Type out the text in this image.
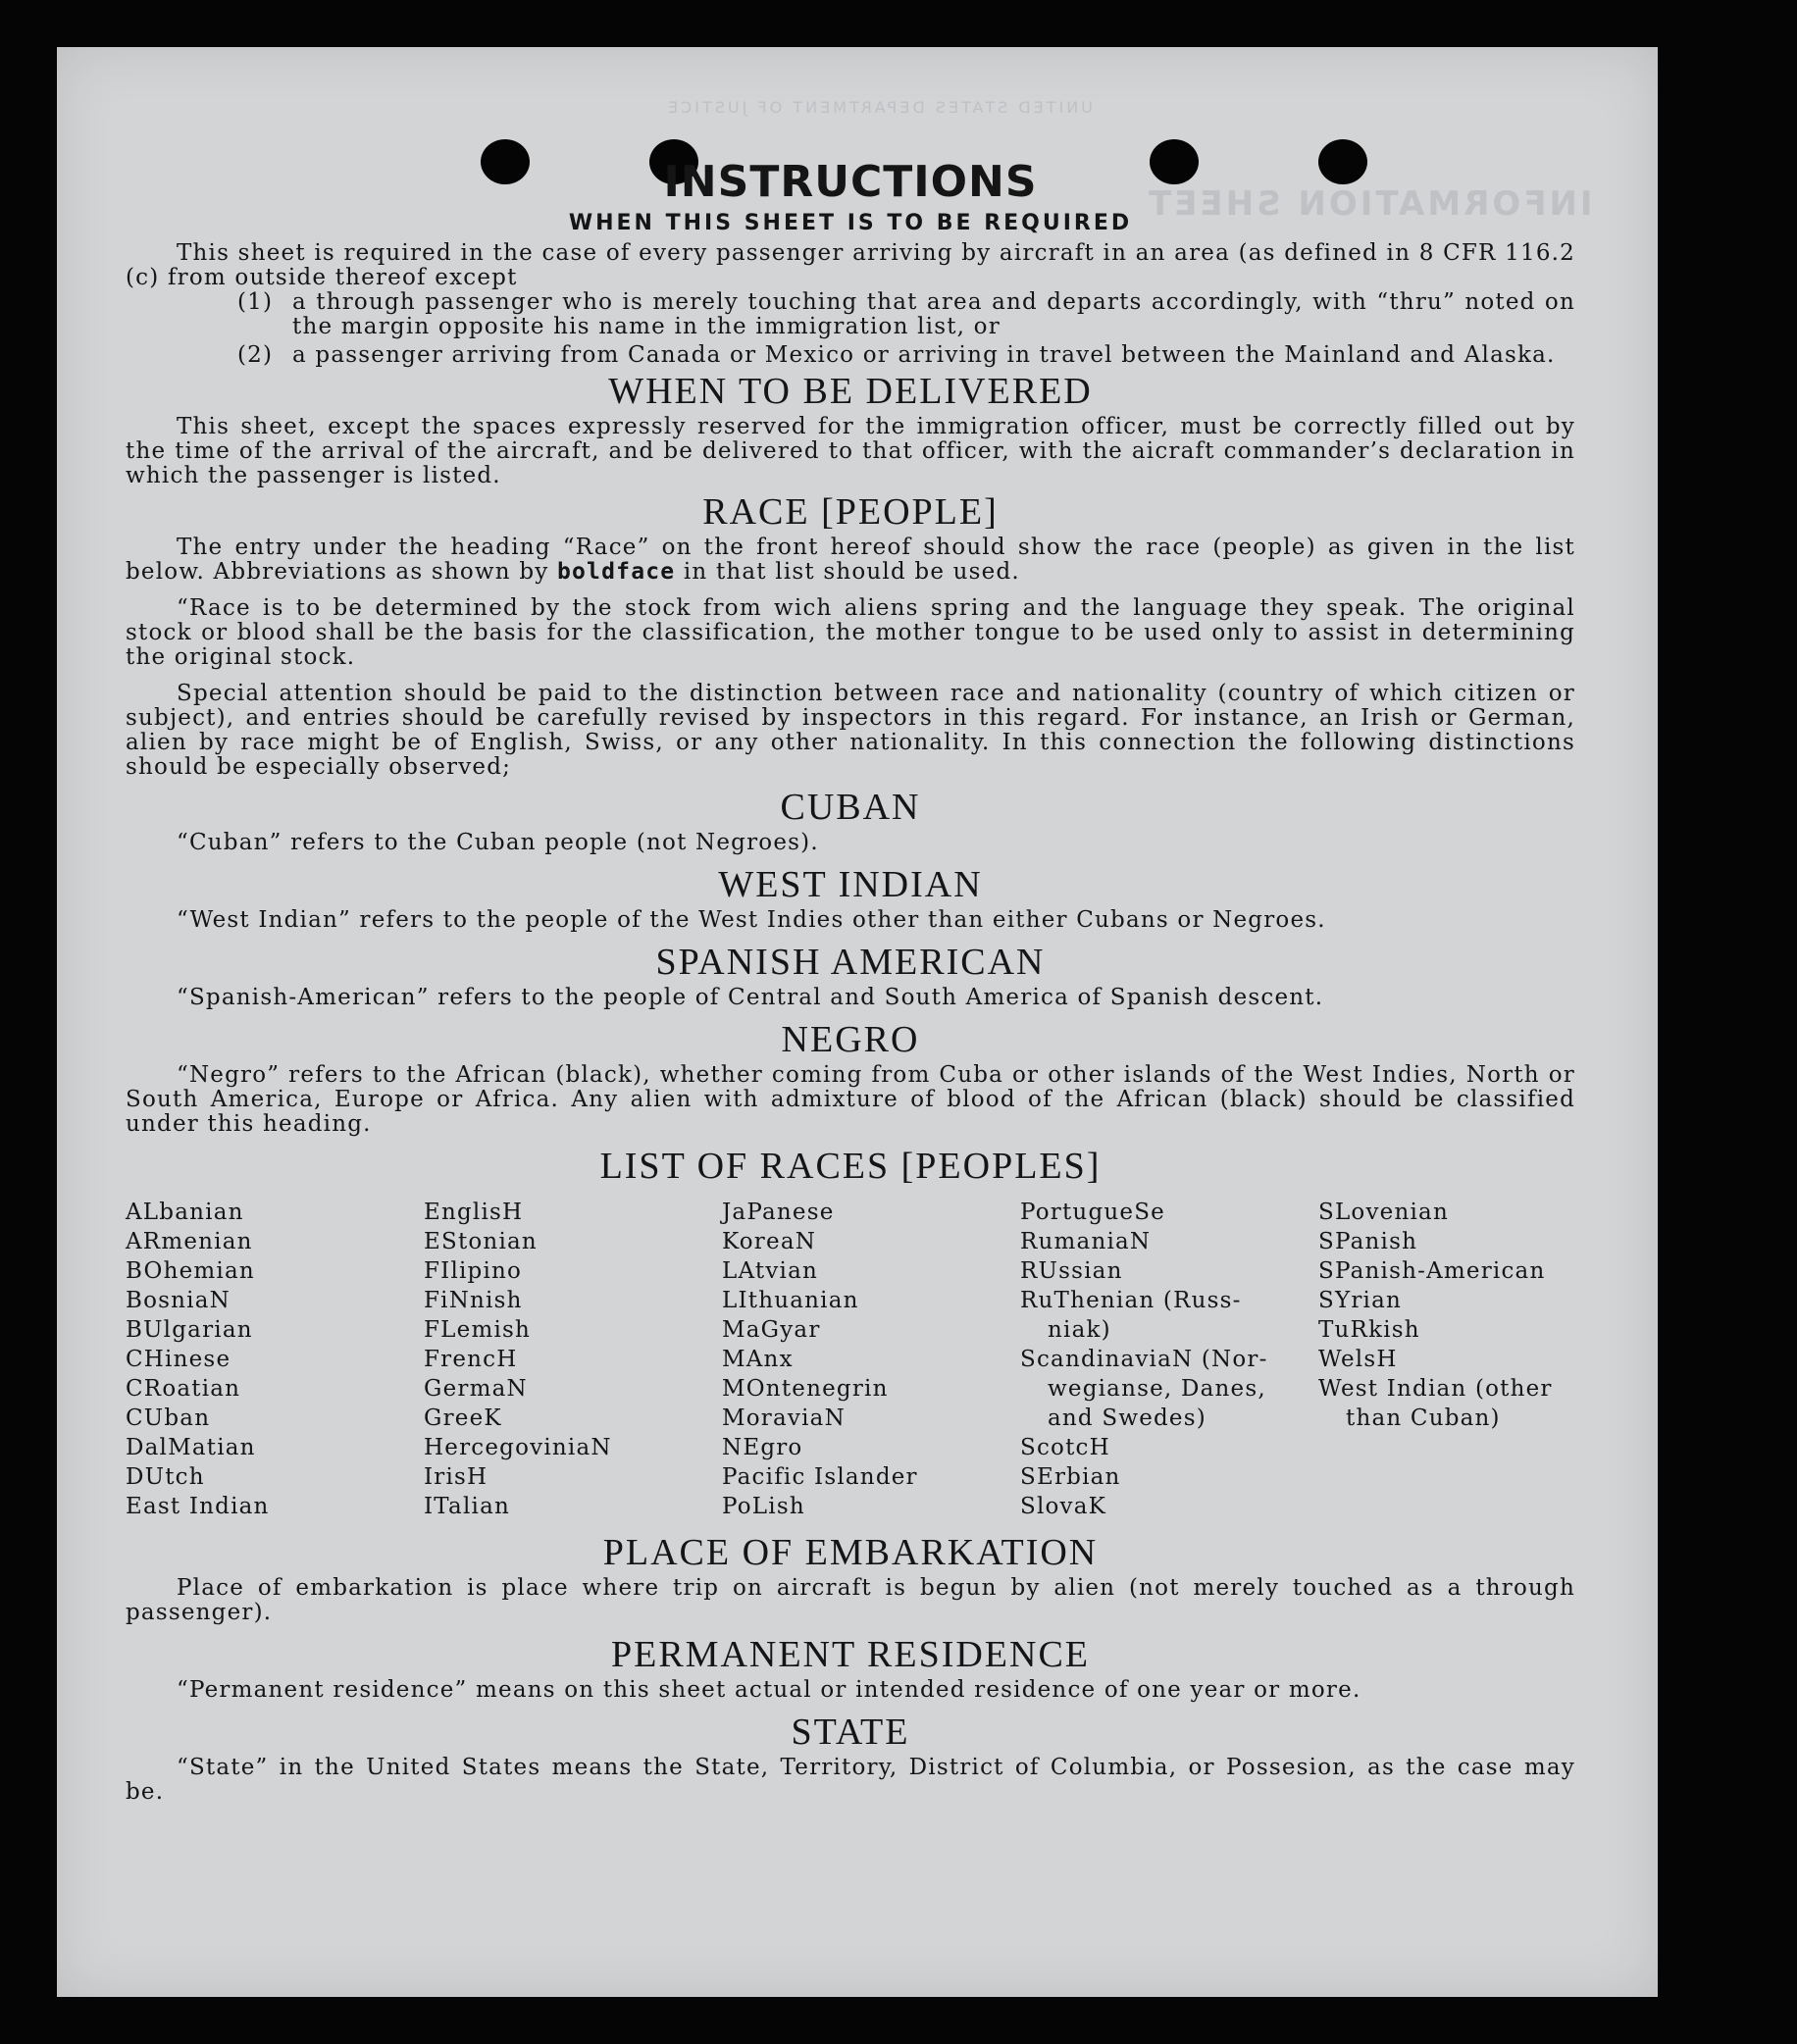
UNITED STATES DEPARTMENT OF JUSTICE
INFORMATION SHEET
INSTRUCTIONS
WHEN THIS SHEET IS TO BE REQUIRED

This sheet is required in the case of every passenger arriving by aircraft in an area (as defined in 8 CFR 116.2 (c) from outside thereof except

(1) a through passenger who is merely touching that area and departs accordingly, with “thru” noted on the margin opposite his name in the immigration list, or
(2) a passenger arriving from Canada or Mexico or arriving in travel between the Mainland and Alaska.
WHEN TO BE DELIVERED

This sheet, except the spaces expressly reserved for the immigration officer, must be correctly filled out by the time of the arrival of the aircraft, and be delivered to that officer, with the aicraft commander’s declaration in which the passenger is listed.

RACE [PEOPLE]

The entry under the heading “Race” on the front hereof should show the race (people) as given in the list below. Abbreviations as shown by boldface in that list should be used.

“Race is to be determined by the stock from wich aliens spring and the language they speak. The original stock or blood shall be the basis for the classification, the mother tongue to be used only to assist in determining the original stock.

Special attention should be paid to the distinction between race and nationality (country of which citizen or subject), and entries should be carefully revised by inspectors in this regard. For instance, an Irish or German, alien by race might be of English, Swiss, or any other nationality. In this connection the following distinctions should be especially observed;

CUBAN

“Cuban” refers to the Cuban people (not Negroes).

WEST INDIAN

“West Indian” refers to the people of the West Indies other than either Cubans or Negroes.

SPANISH AMERICAN

“Spanish-American” refers to the people of Central and South America of Spanish descent.

NEGRO

“Negro” refers to the African (black), whether coming from Cuba or other islands of the West Indies, North or South America, Europe or Africa. Any alien with admixture of blood of the African (black) should be classified under this heading.

LIST OF RACES [PEOPLES]
ALbanian
ARmenian
BOhemian
BosniaN
BUlgarian
CHinese
CRoatian
CUban
DalMatian
DUtch
East Indian
EnglisH
EStonian
FIlipino
FiNnish
FLemish
FrencH
GermaN
GreeK
HercegoviniaN
IrisH
ITalian
JaPanese
KoreaN
LAtvian
LIthuanian
MaGyar
MAnx
MOntenegrin
MoraviaN
NEgro
Pacific Islander
PoLish
PortugueSe
RumaniaN
RUssian
RuThenian (Russ-
niak)
ScandinaviaN (Nor-
wegianse, Danes,
and Swedes)
ScotcH
SErbian
SlovaK
SLovenian
SPanish
SPanish-American
SYrian
TuRkish
WelsH
West Indian (other
than Cuban)
PLACE OF EMBARKATION

Place of embarkation is place where trip on aircraft is begun by alien (not merely touched as a through passenger).

PERMANENT RESIDENCE

“Permanent residence” means on this sheet actual or intended residence of one year or more.

STATE

“State” in the United States means the State, Territory, District of Columbia, or Possesion, as the case may be.
